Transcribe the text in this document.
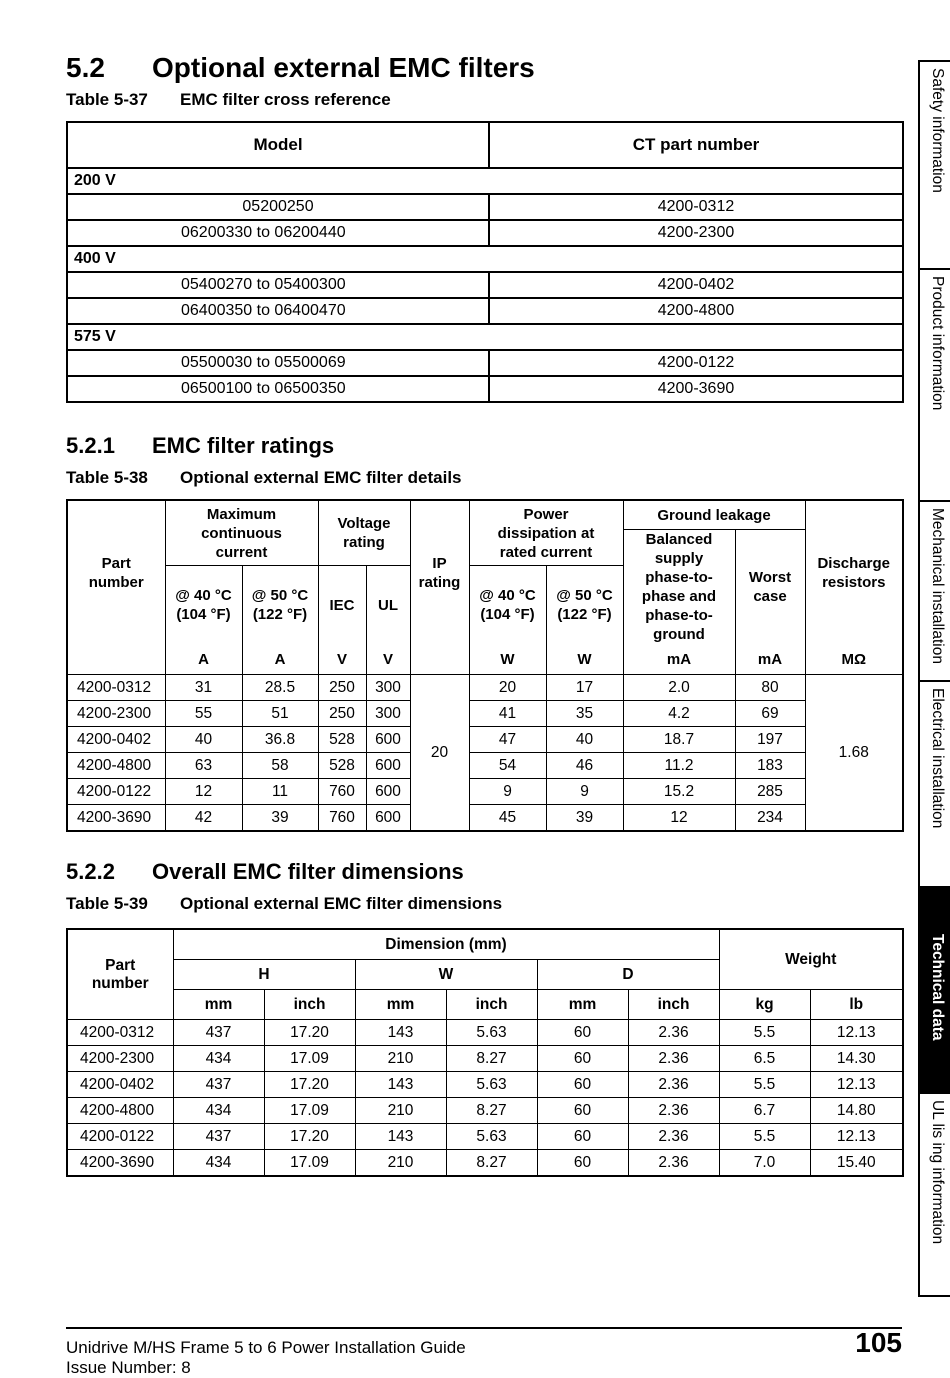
5.2 Optional external EMC filters

Table 5-37 EMC filter cross reference

Model	CT part number
200 V	
05200250	4200-0312
06200330 to 06200440	4200-2300
400 V	
05400270 to 05400300	4200-0402
06400350 to 06400470	4200-4800
575 V	
05500030 to 05500069	4200-0122
06500100 to 06500350	4200-3690
5.2.1 EMC filter ratings

Table 5-38 Optional external EMC filter details

Part number	Maximum continuous current		Voltage rating		IP rating	Power dissipation at rated current		Ground leakage		Discharge resistors
								Balanced supply phase-to-phase and phase-to-ground	Worst case	
	@ 40 °C (104 °F)	@ 50 °C (122 °F)	IEC	UL		@ 40 °C (104 °F)	@ 50 °C (122 °F)			

	A	A	V	V		W	W	mA	mA	MΩ
4200-0312	31	28.5	250	300	20	20	17	2.0	80	1.68
4200-2300	55	51	250	300		41	35	4.2	69	
4200-0402	40	36.8	528	600		47	40	18.7	197	
4200-4800	63	58	528	600		54	46	11.2	183	
4200-0122	12	11	760	600		9	9	15.2	285	
4200-3690	42	39	760	600		45	39	12	234	
5.2.2 Overall EMC filter dimensions

Table 5-39 Optional external EMC filter dimensions

Part number	Dimension (mm)						Weight	
	H		W		D			
	mm	inch	mm	inch	mm	inch	kg	lb
4200-0312	437	17.20	143	5.63	60	2.36	5.5	12.13
4200-2300	434	17.09	210	8.27	60	2.36	6.5	14.30
4200-0402	437	17.20	143	5.63	60	2.36	5.5	12.13
4200-4800	434	17.09	210	8.27	60	2.36	6.7	14.80
4200-0122	437	17.20	143	5.63	60	2.36	5.5	12.13
4200-3690	434	17.09	210	8.27	60	2.36	7.0	15.40
Safety information
Product information
Mechanical installation
Electrical installation
Technical data
UL lis ing information
Unidrive M/HS Frame 5 to 6 Power Installation Guide
Issue Number: 8
105
